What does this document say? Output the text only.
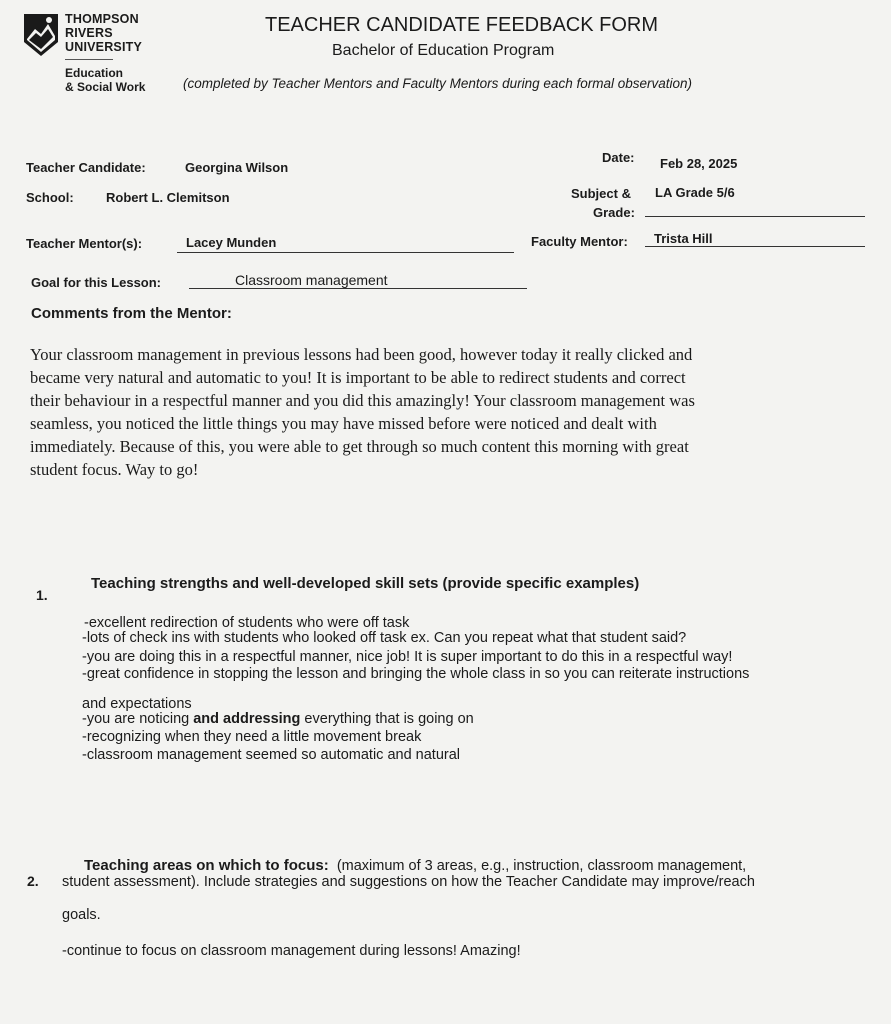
THOMPSON
RIVERS
UNIVERSITY
Education
& Social Work
TEACHER CANDIDATE FEEDBACK FORM
Bachelor of Education Program
(completed by Teacher Mentors and Faculty Mentors during each formal observation)
Teacher Candidate:	Georgina Wilson
Date: Feb 28, 2025
School: Robert L. Clemitson	Subject &
Grade:
LA Grade 5/6
Teacher Mentor(s):	Lacey Munden	Faculty Mentor: Trista Hill
Goal for this Lesson:	Classroom management
Comments from the Mentor:
Your classroom management in previous lessons had been good, however today it really clicked and
became very natural and automatic to you! It is important to be able to redirect students and correct
their behaviour in a respectful manner and you did this amazingly! Your classroom management was
seamless, you noticed the little things you may have missed before were noticed and dealt with
immediately. Because of this, you were able to get through so much content this morning with great
student focus. Way to go!
1.
Teaching strengths and well-developed skill sets (provide specific examples)
-excellent redirection of students who were off task
-lots of check ins with students who looked off task ex. Can you repeat what that student said?
-you are doing this in a respectful manner, nice job! It is super important to do this in a respectful way!
-great confidence in stopping the lesson and bringing the whole class in so you can reiterate instructions
and expectations
-you are noticing and addressing everything that is going on
-recognizing when they need a little movement break
-classroom management seemed so automatic and natural
2.
Teaching areas on which to focus: (maximum of 3 areas, e.g., instruction, classroom management,
student assessment). Include strategies and suggestions on how the Teacher Candidate may improve/reach
goals.
-continue to focus on classroom management during lessons! Amazing!
